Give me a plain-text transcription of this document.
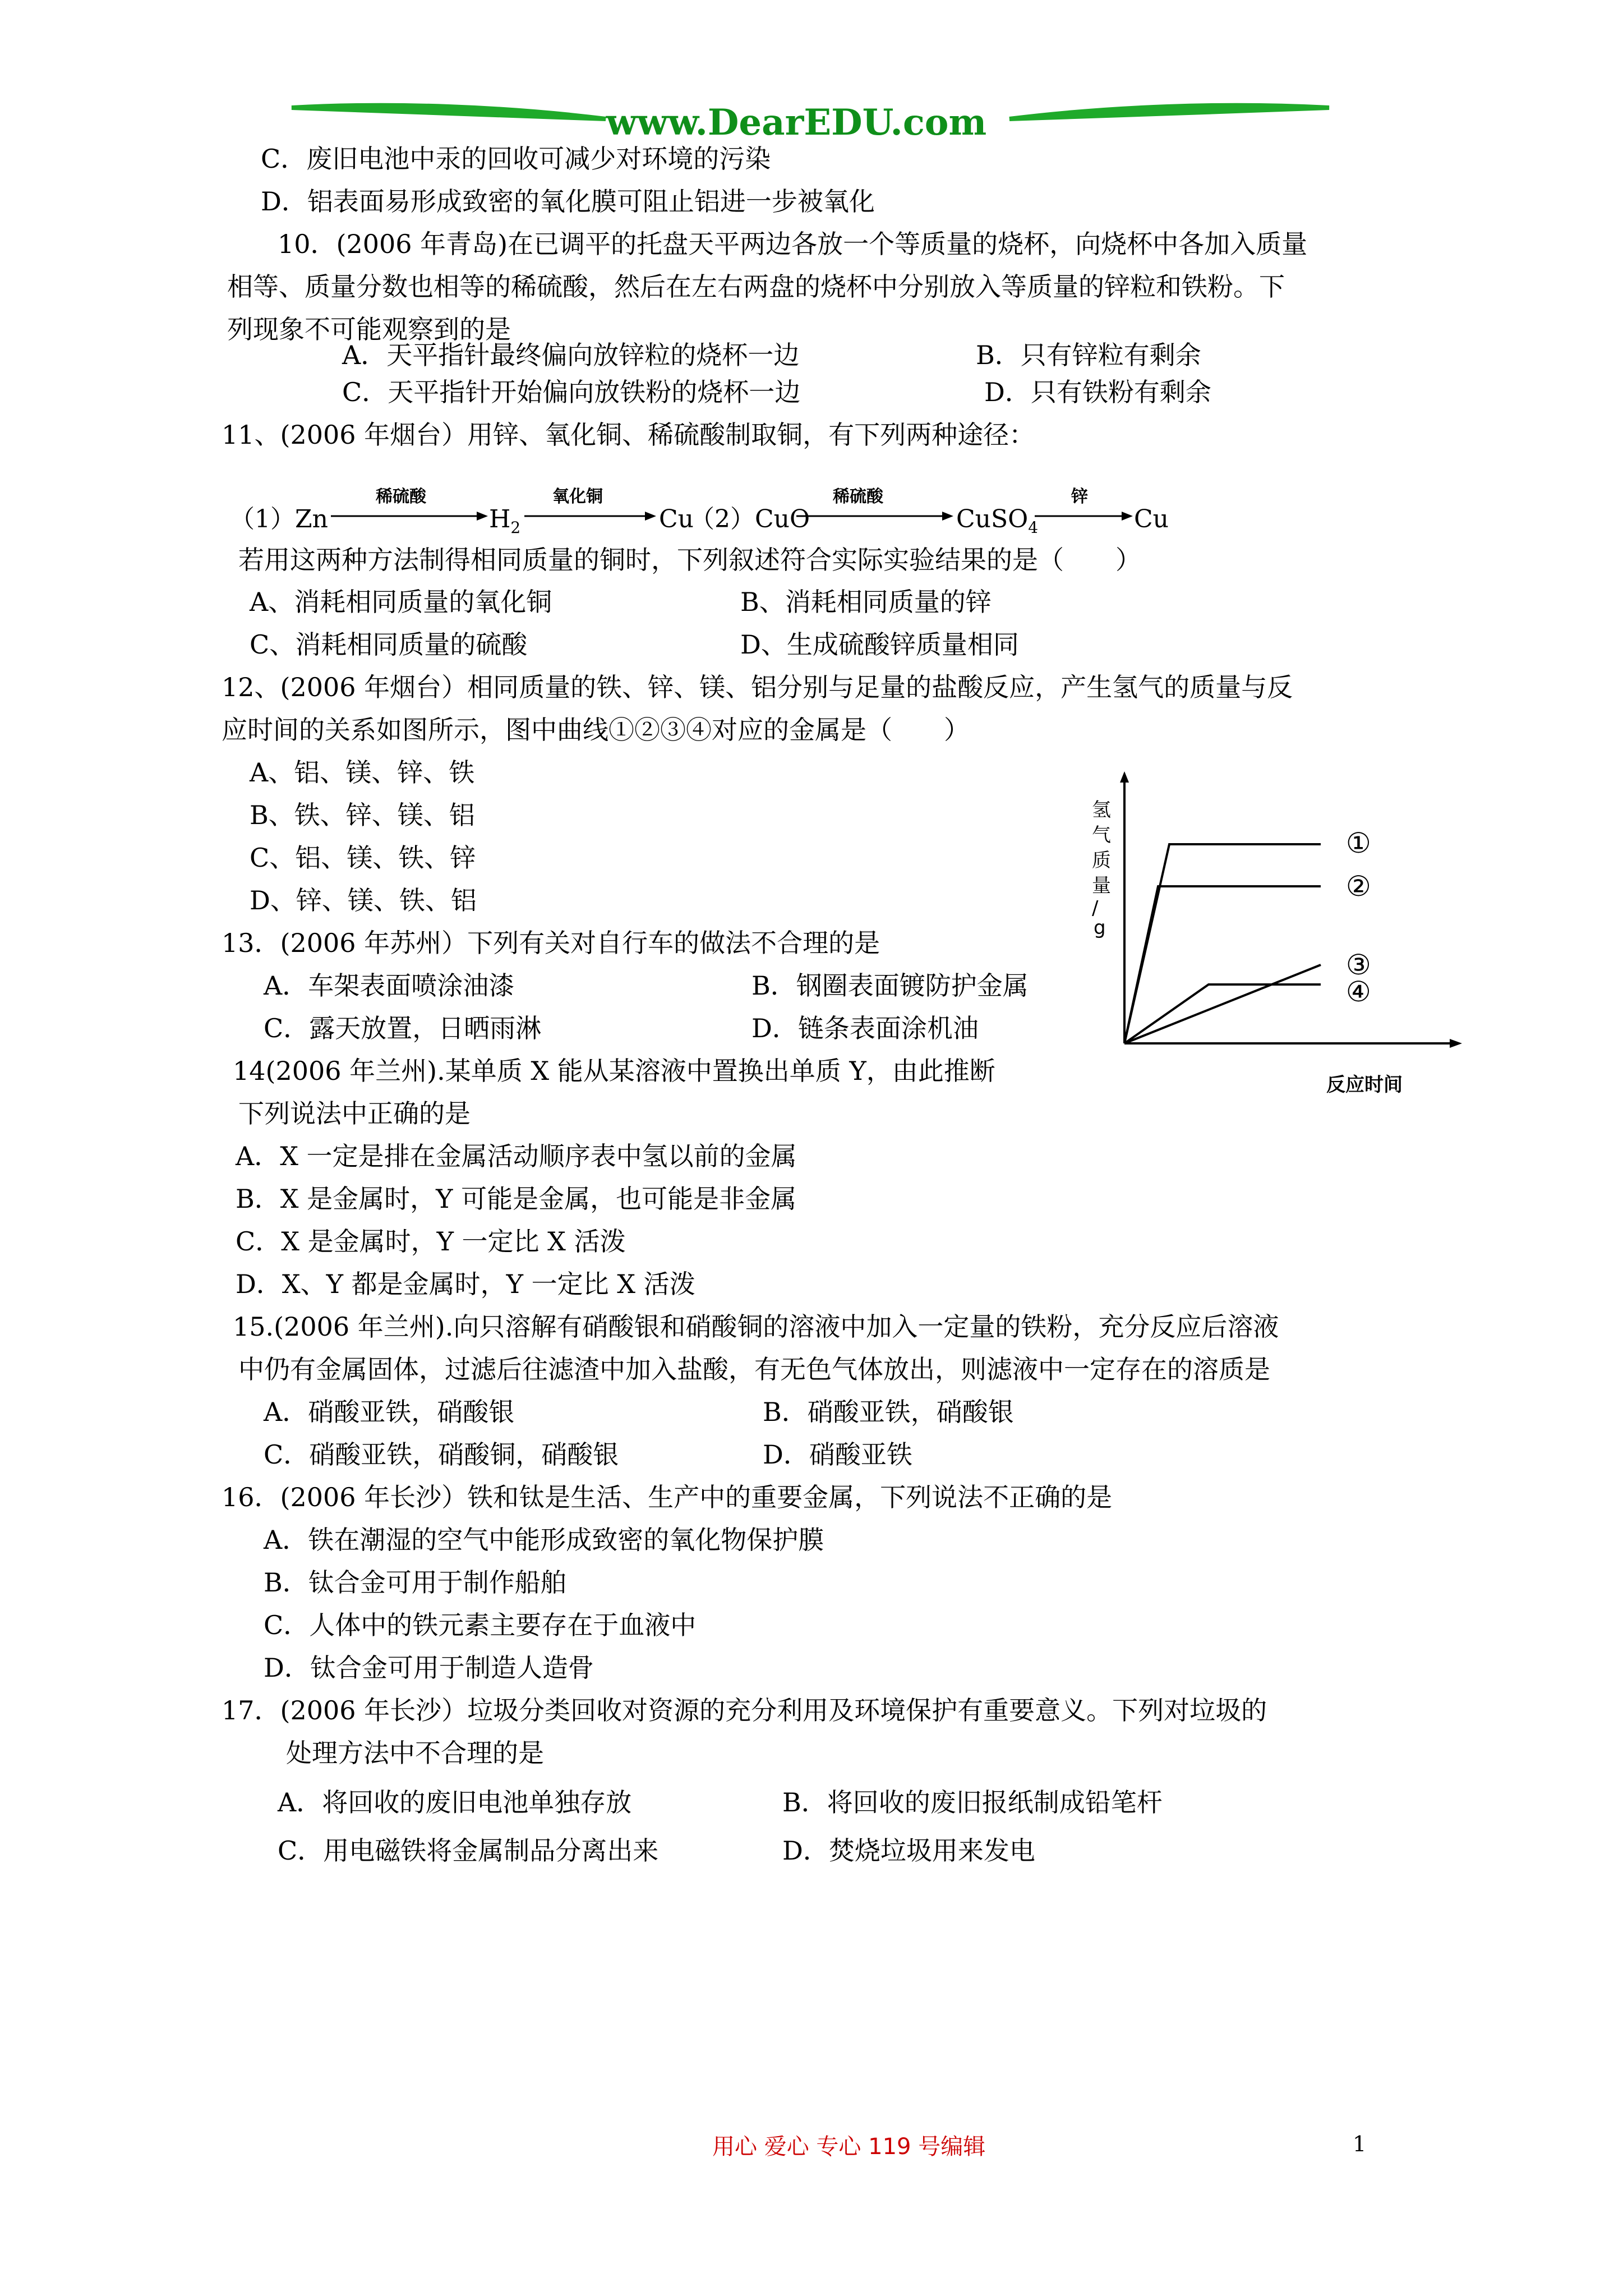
www.DearEDU.com
C．废旧电池中汞的回收可减少对环境的污染
D．铝表面易形成致密的氧化膜可阻止铝进一步被氧化
10．(2006 年青岛)在已调平的托盘天平两边各放一个等质量的烧杯，向烧杯中各加入质量
相等、质量分数也相等的稀硫酸，然后在左右两盘的烧杯中分别放入等质量的锌粒和铁粉。下
列现象不可能观察到的是
A．天平指针最终偏向放锌粒的烧杯一边	B．只有锌粒有剩余
C．天平指针开始偏向放铁粉的烧杯一边	D．只有铁粉有剩余
11、(2006 年烟台）用锌、氧化铜、稀硫酸制取铜，有下列两种途径：
（1）Zn
稀硫酸
$H_2$
氧化铜
Cu
（2）CuO
稀硫酸
CuSO$_4$
锌
Cu
若用这两种方法制得相同质量的铜时，下列叙述符合实际实验结果的是（　　）
A、消耗相同质量的氧化铜	B、消耗相同质量的锌
C、消耗相同质量的硫酸	D、生成硫酸锌质量相同
12、(2006 年烟台）相同质量的铁、锌、镁、铝分别与足量的盐酸反应，产生氢气的质量与反
应时间的关系如图所示，图中曲线①②③④对应的金属是（　　）
A、铝、镁、锌、铁
B、铁、锌、镁、铝
C、铝、镁、铁、锌
D、锌、镁、铁、铝
13．(2006 年苏州）下列有关对自行车的做法不合理的是
A．车架表面喷涂油漆	B．钢圈表面镀防护金属
C．露天放置，日晒雨淋	D．链条表面涂机油
14(2006 年兰州).某单质 X 能从某溶液中置换出单质 Y，由此推断
下列说法中正确的是
A．X 一定是排在金属活动顺序表中氢以前的金属
B．X 是金属时，Y 可能是金属，也可能是非金属
C．X 是金属时，Y 一定比 X 活泼
D．X、Y 都是金属时，Y 一定比 X 活泼
15.(2006 年兰州).向只溶解有硝酸银和硝酸铜的溶液中加入一定量的铁粉，充分反应后溶液
中仍有金属固体，过滤后往滤渣中加入盐酸，有无色气体放出，则滤液中一定存在的溶质是
A．硝酸亚铁，硝酸银	B．硝酸亚铁，硝酸银
C．硝酸亚铁，硝酸铜，硝酸银	D．硝酸亚铁
16．(2006 年长沙）铁和钛是生活、生产中的重要金属，下列说法不正确的是
A．铁在潮湿的空气中能形成致密的氧化物保护膜
B．钛合金可用于制作船舶
C．人体中的铁元素主要存在于血液中
D．钛合金可用于制造人造骨
17．(2006 年长沙）垃圾分类回收对资源的充分利用及环境保护有重要意义。下列对垃圾的
处理方法中不合理的是
A．将回收的废旧电池单独存放	B．将回收的废旧报纸制成铅笔杆
C．用电磁铁将金属制品分离出来	D．焚烧垃圾用来发电
氢
气
质
量
/
g
①
②
③
④
反应时间
用心 爱心 专心 119 号编辑	1
